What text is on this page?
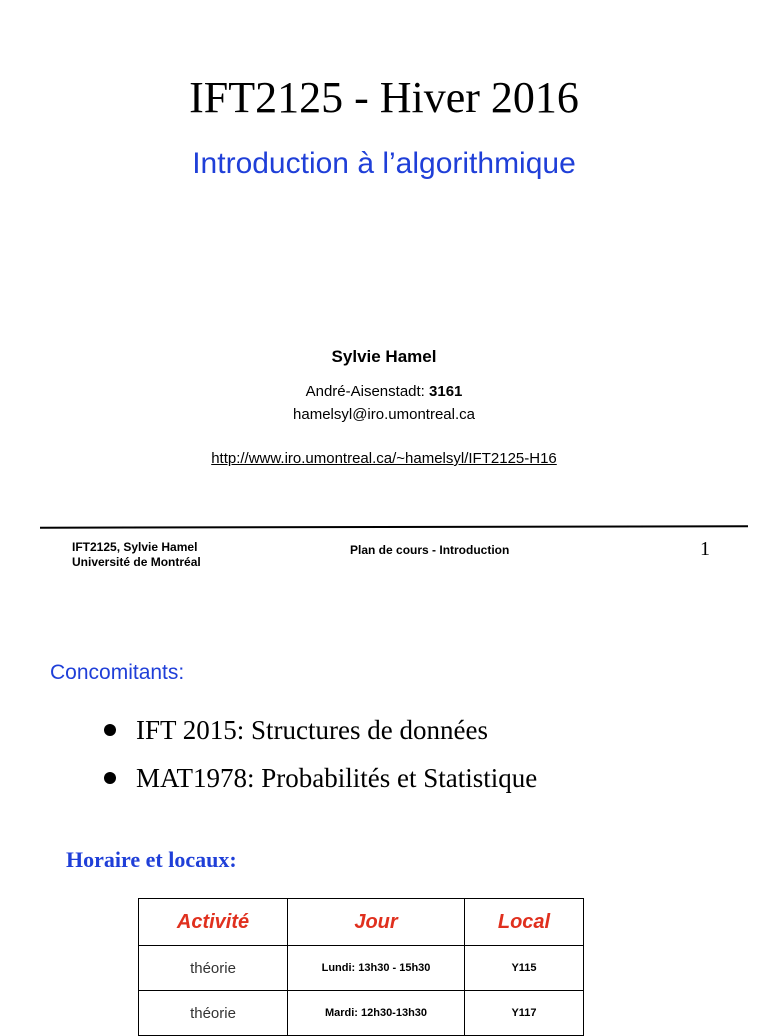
IFT2125 - Hiver 2016
Introduction à l’algorithmique
Sylvie Hamel
André-Aisenstadt: 3161
hamelsyl@iro.umontreal.ca
http://www.iro.umontreal.ca/~hamelsyl/IFT2125-H16
IFT2125, Sylvie Hamel
Université de Montréal
Plan de cours - Introduction	1
Concomitants:
IFT 2015: Structures de données
MAT1978: Probabilités et Statistique
Horaire et locaux:
Activité	Jour	Local
théorie	Lundi: 13h30 - 15h30	Y115
théorie	Mardi: 12h30-13h30	Y117
